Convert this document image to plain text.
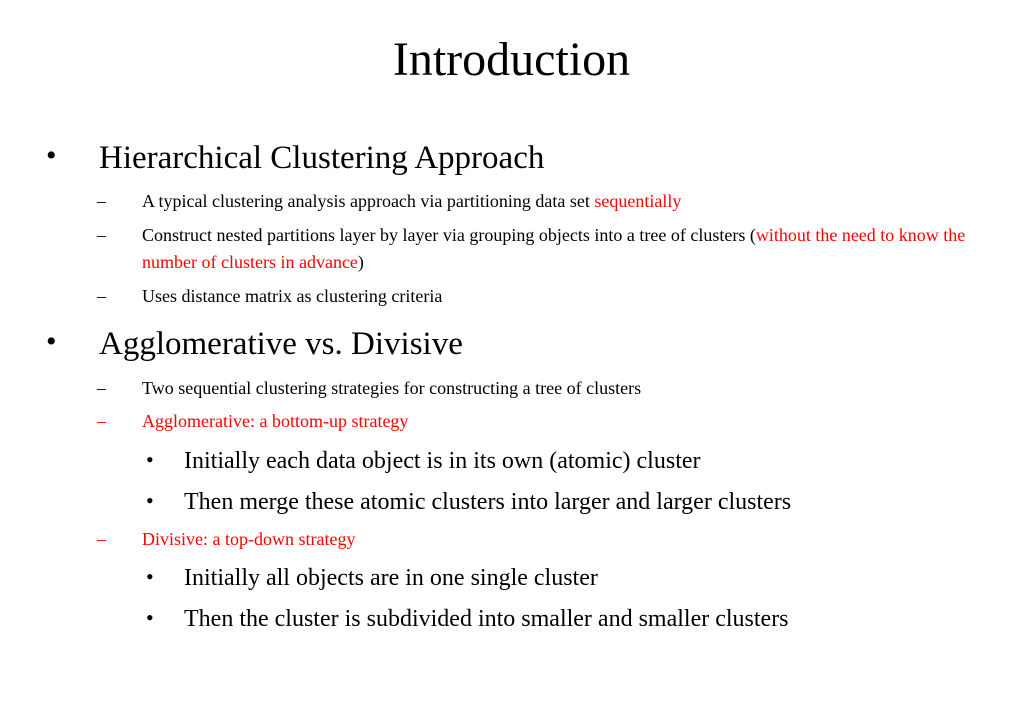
Introduction
• Hierarchical Clustering Approach
– A typical clustering analysis approach via partitioning data set sequentially
– Construct nested partitions layer by layer via grouping objects into a tree of clusters (without the need to know the number of clusters in advance)
– Uses distance matrix as clustering criteria
• Agglomerative vs. Divisive
– Two sequential clustering strategies for constructing a tree of clusters
– Agglomerative: a bottom-up strategy
• Initially each data object is in its own (atomic) cluster
• Then merge these atomic clusters into larger and larger clusters
– Divisive: a top-down strategy
• Initially all objects are in one single cluster
• Then the cluster is subdivided into smaller and smaller clusters
